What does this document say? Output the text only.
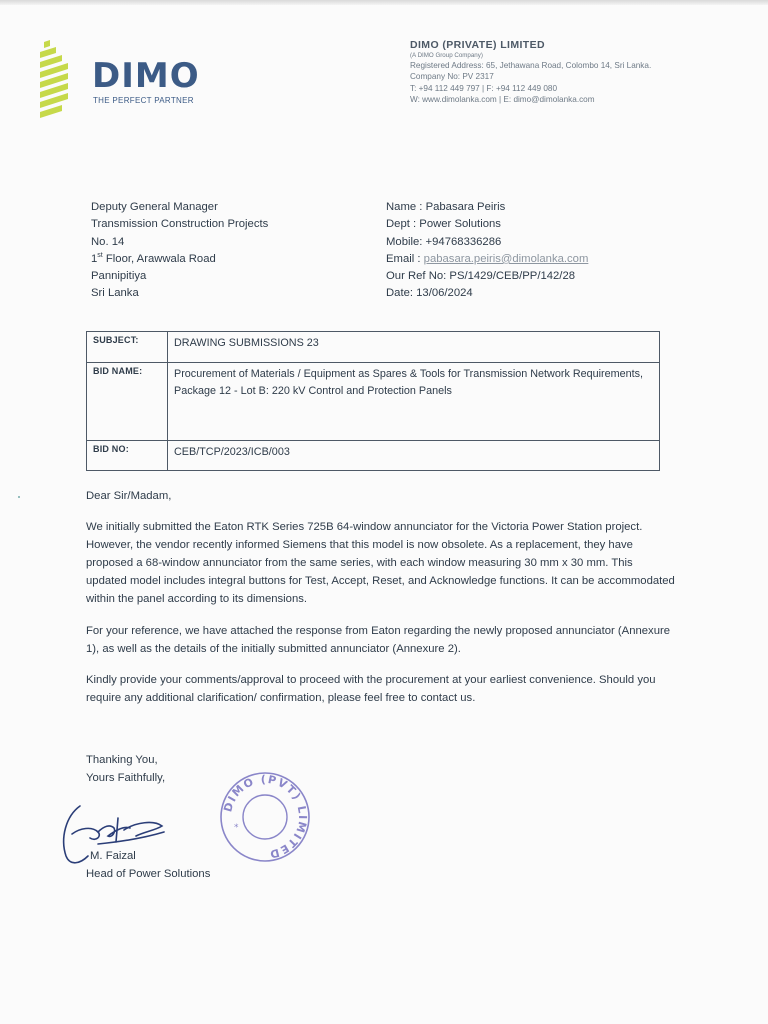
DIMO
THE PERFECT PARTNER
DIMO (PRIVATE) LIMITED
(A DIMO Group Company)
Registered Address: 65, Jethawana Road, Colombo 14, Sri Lanka.
Company No: PV 2317
T: +94 112 449 797 | F: +94 112 449 080
W: www.dimolanka.com | E: dimo@dimolanka.com
Deputy General Manager
Transmission Construction Projects
No. 14
1st Floor, Arawwala Road
Pannipitiya
Sri Lanka
Name : Pabasara Peiris
Dept : Power Solutions
Mobile: +94768336286
Email : pabasara.peiris@dimolanka.com
Our Ref No: PS/1429/CEB/PP/142/28
Date: 13/06/2024
SUBJECT:	DRAWING SUBMISSIONS 23
BID NAME:	Procurement of Materials / Equipment as Spares & Tools for Transmission Network Requirements, Package 12 - Lot B: 220 kV Control and Protection Panels
BID NO:	CEB/TCP/2023/ICB/003

Dear Sir/Madam,

We initially submitted the Eaton RTK Series 725B 64-window annunciator for the Victoria Power Station project. However, the vendor recently informed Siemens that this model is now obsolete. As a replacement, they have proposed a 68-window annunciator from the same series, with each window measuring 30 mm x 30 mm. This updated model includes integral buttons for Test, Accept, Reset, and Acknowledge functions. It can be accommodated within the panel according to its dimensions.

For your reference, we have attached the response from Eaton regarding the newly proposed annunciator (Annexure 1), as well as the details of the initially submitted annunciator (Annexure 2).

Kindly provide your comments/approval to proceed with the procurement at your earliest convenience. Should you require any additional clarification/ confirmation, please feel free to contact us.

Thanking You,
Yours Faithfully,
M. Faizal
Head of Power Solutions
DIMO (PVT) LIMITED
*
